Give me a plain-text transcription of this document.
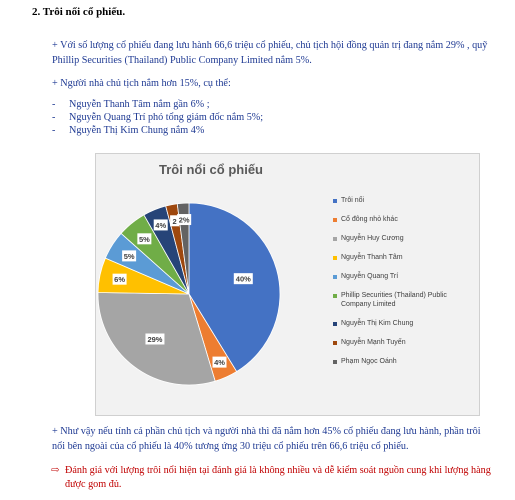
2. Trôi nổi cổ phiếu.
+ Với số lượng cổ phiếu đang lưu hành 66,6 triệu cổ phiếu, chủ tịch hội đồng quản trị đang nắm 29% , quỹ Phillip Securities (Thailand) Public Company Limited nắm 5%.
+ Người nhà chủ tịch nắm hơn 15%, cụ thể:
-	Nguyễn Thanh Tâm nắm gần 6% ;
-	Nguyễn Quang Trí phó tổng giám đốc nắm 5%;
-	Nguyễn Thị Kim Chung nắm 4%
Trôi nổi cổ phiếu
40%
4%
29%
6%
5%
5%
4% 2 2%
Trôi nổi
Cổ đông nhỏ khác
Nguyễn Huy Cương
Nguyễn Thanh Tâm
Nguyễn Quang Trí
Phillip Securities (Thailand) Public Company Limited
Nguyễn Thị Kim Chung
Nguyễn Mạnh Tuyến
Phạm Ngọc Oánh
+ Như vậy nếu tính cả phần chủ tịch và người nhà thì đã nắm hơn 45% cổ phiếu đang lưu hành, phần trôi nổi bên ngoài của cổ phiếu là 40% tương ứng 30 triệu cổ phiếu trên 66,6 triệu cổ phiếu.
⇨ Đánh giá với lượng trôi nổi hiện tại đánh giá là không nhiều và dễ kiểm soát nguồn cung khi lượng hàng được gom đủ.
